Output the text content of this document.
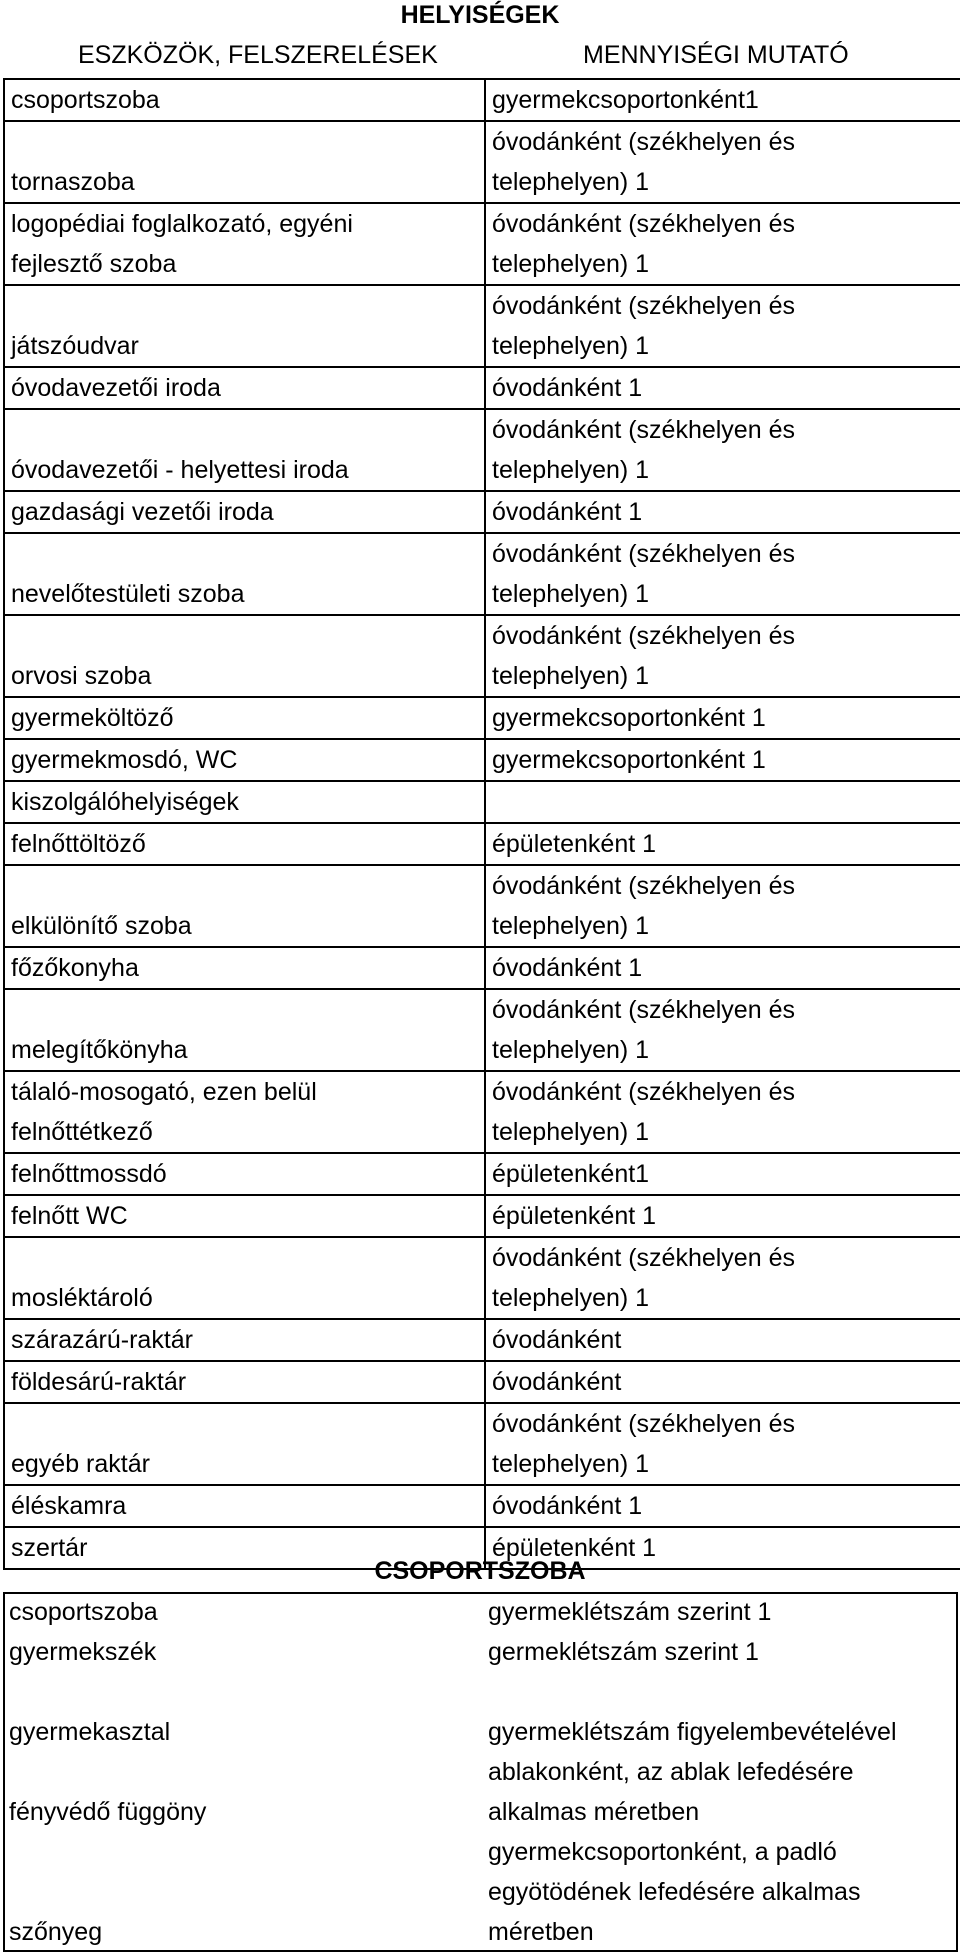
HELYISÉGEK
ESZKÖZÖK, FELSZERELÉSEK	MENNYISÉGI MUTATÓ
csoportszoba	gyermekcsoportonként1
tornaszoba	óvodánként (székhelyen és
telephelyen) 1
logopédiai foglalkozató, egyéni
fejlesztő szoba	óvodánként (székhelyen és
telephelyen) 1
játszóudvar	óvodánként (székhelyen és
telephelyen) 1
óvodavezetői iroda	óvodánként 1
óvodavezetői - helyettesi iroda	óvodánként (székhelyen és
telephelyen) 1
gazdasági vezetői iroda	óvodánként 1
nevelőtestületi szoba	óvodánként (székhelyen és
telephelyen) 1
orvosi szoba	óvodánként (székhelyen és
telephelyen) 1
gyermeköltöző	gyermekcsoportonként 1
gyermekmosdó, WC	gyermekcsoportonként 1
kiszolgálóhelyiségek	
felnőttöltöző	épületenként 1
elkülönítő szoba	óvodánként (székhelyen és
telephelyen) 1
főzőkonyha	óvodánként 1
melegítőkönyha	óvodánként (székhelyen és
telephelyen) 1
tálaló-mosogató, ezen belül
felnőttétkező	óvodánként (székhelyen és
telephelyen) 1
felnőttmossdó	épületenként1
felnőtt WC	épületenként 1
mosléktároló	óvodánként (székhelyen és
telephelyen) 1
szárazárú-raktár	óvodánként
földesárú-raktár	óvodánként
egyéb raktár	óvodánként (székhelyen és
telephelyen) 1
éléskamra	óvodánként 1
szertár	épületenként 1
CSOPORTSZOBA
csoportszoba	gyermeklétszám szerint 1
gyermekszék	germeklétszám szerint 1
gyermekasztal	gyermeklétszám figyelembevételével
fényvédő függöny	ablakonként, az ablak lefedésére
alkalmas méretben
szőnyeg	gyermekcsoportonként, a padló
egyötödének lefedésére alkalmas
méretben
